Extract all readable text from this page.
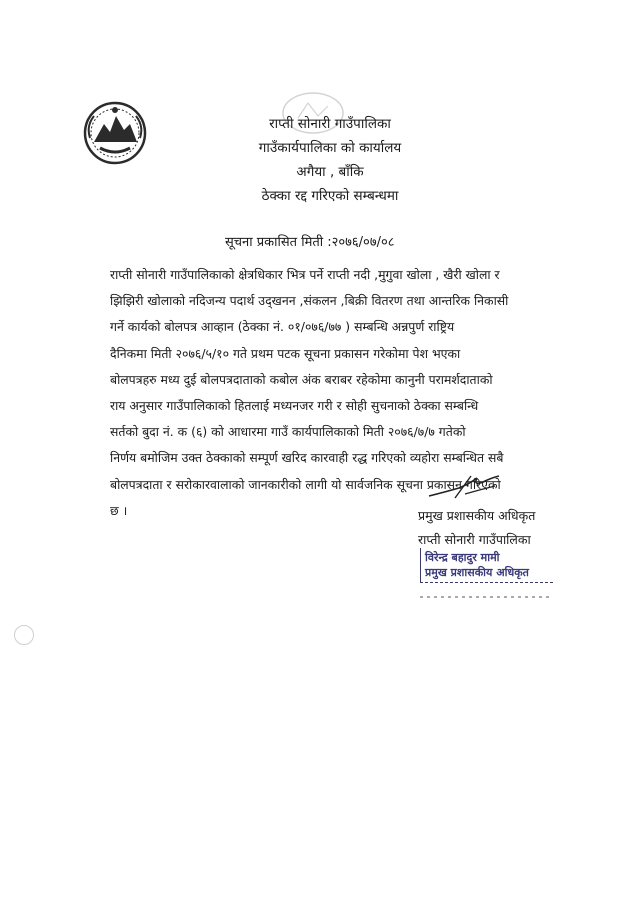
राप्ती सोनारी गाउँपालिका
गाउँकार्यपालिका को कार्यालय
अगैया , बाँकि
ठेक्का रद्द गरिएको सम्बन्धमा
सूचना प्रकासित मिती :२०७६/०७/०८
राप्ती सोनारी गाउँपालिकाको क्षेत्रधिकार भित्र पर्ने राप्ती नदी ,मुगुवा खोला , खैरी खोला र
झिझिरी खोलाको नदिजन्य पदार्थ उद्खनन ,संकलन ,बिक्री वितरण तथा आन्तरिक निकासी
गर्ने कार्यको बोलपत्र आव्हान (ठेक्का नं. ०१/०७६/७७ ) सम्बन्धि अन्नपुर्ण राष्ट्रिय
दैनिकमा मिती २०७६/५/१० गते प्रथम पटक सूचना प्रकासन गरेकोमा पेश भएका
बोलपत्रहरु मध्य दुई बोलपत्रदाताको कबोल अंक बराबर रहेकोमा कानुनी परामर्शदाताको
राय अनुसार गाउँपालिकाको हितलाई मध्यनजर गरी र सोही सुचनाको ठेक्का सम्बन्धि
सर्तको बुदा नं. क (६) को आधारमा गाउँ कार्यपालिकाको मिती २०७६/७/७ गतेको
निर्णय बमोजिम उक्त ठेक्काको सम्पूर्ण खरिद कारवाही रद्ध गरिएको व्यहोरा सम्बन्धित सबै
बोलपत्रदाता र सरोकारवालाको जानकारीको लागी यो सार्वजनिक सूचना प्रकासन गरिएको
छ ।	प्रमुख प्रशासकीय अधिकृत
राप्ती सोनारी गाउँपालिका
विरेन्द्र बहादुर मामी
प्रमुख प्रशासकीय अधिकृत
